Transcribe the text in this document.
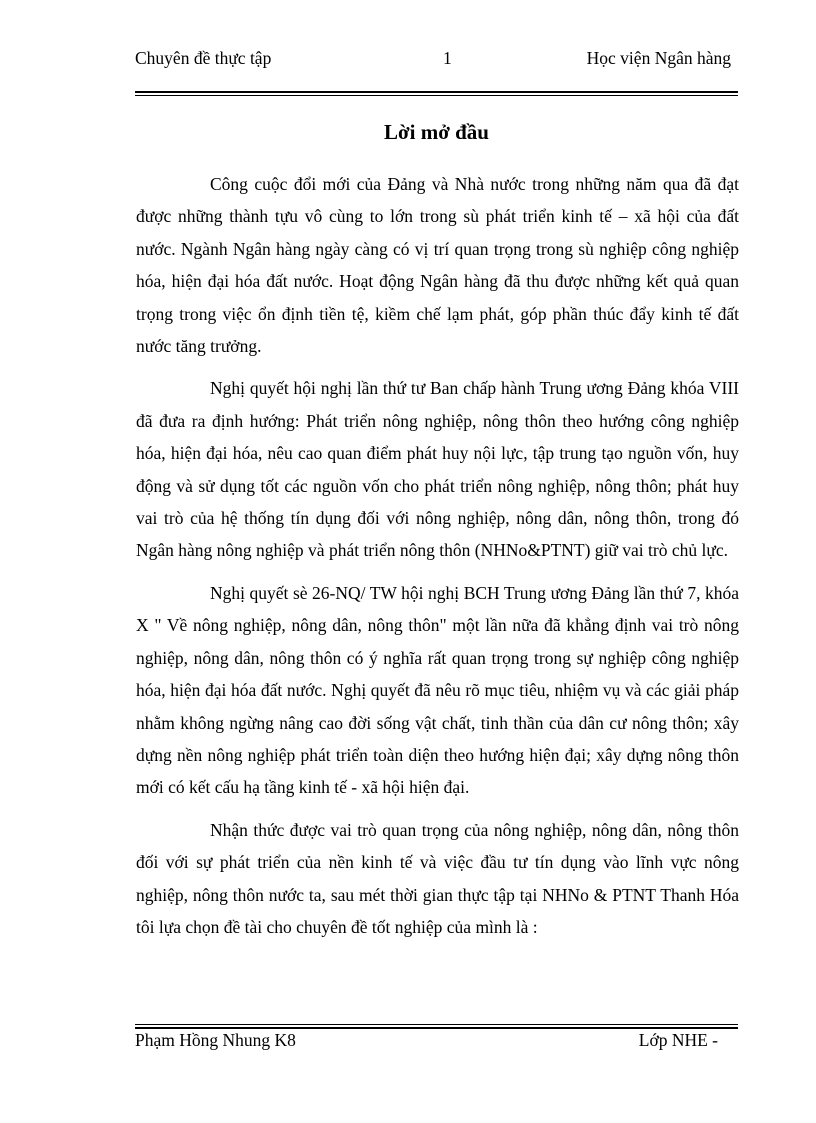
Chuyên đề thực tập	1	Học viện Ngân hàng
Lời mở đầu

Công cuộc đổi mới của Đảng và Nhà nước trong những năm qua đã đạt được những thành tựu vô cùng to lớn trong sù phát triển kinh tế – xã hội của đất nước. Ngành Ngân hàng ngày càng có vị trí quan trọng trong sù nghiệp công nghiệp hóa, hiện đại hóa đất nước. Hoạt động Ngân hàng đã thu được những kết quả quan trọng trong việc ổn định tiền tệ, kiềm chế lạm phát, góp phần thúc đẩy kinh tế đất nước tăng trưởng.

Nghị quyết hội nghị lần thứ tư Ban chấp hành Trung ương Đảng khóa VIII đã đưa ra định hướng: Phát triển nông nghiệp, nông thôn theo hướng công nghiệp hóa, hiện đại hóa, nêu cao quan điểm phát huy nội lực, tập trung tạo nguồn vốn, huy động và sử dụng tốt các nguồn vốn cho phát triển nông nghiệp, nông thôn; phát huy vai trò của hệ thống tín dụng đối với nông nghiệp, nông dân, nông thôn, trong đó Ngân hàng nông nghiệp và phát triển nông thôn (NHNo&PTNT) giữ vai trò chủ lực.

Nghị quyết sè 26-NQ/ TW hội nghị BCH Trung ương Đảng lần thứ 7, khóa X " Về nông nghiệp, nông dân, nông thôn" một lần nữa đã khẳng định vai trò nông nghiệp, nông dân, nông thôn có ý nghĩa rất quan trọng trong sự nghiệp công nghiệp hóa, hiện đại hóa đất nước. Nghị quyết đã nêu rõ mục tiêu, nhiệm vụ và các giải pháp nhằm không ngừng nâng cao đời sống vật chất, tinh thần của dân cư nông thôn; xây dựng nền nông nghiệp phát triển toàn diện theo hướng hiện đại; xây dựng nông thôn mới có kết cấu hạ tầng kinh tế - xã hội hiện đại.

Nhận thức được vai trò quan trọng của nông nghiệp, nông dân, nông thôn đối với sự phát triển của nền kinh tế và việc đầu tư tín dụng vào lĩnh vực nông nghiệp, nông thôn nước ta, sau mét thời gian thực tập tại NHNo & PTNT Thanh Hóa tôi lựa chọn đề tài cho chuyên đề tốt nghiệp của mình là :

Phạm Hồng Nhung K8	Lớp NHE -
